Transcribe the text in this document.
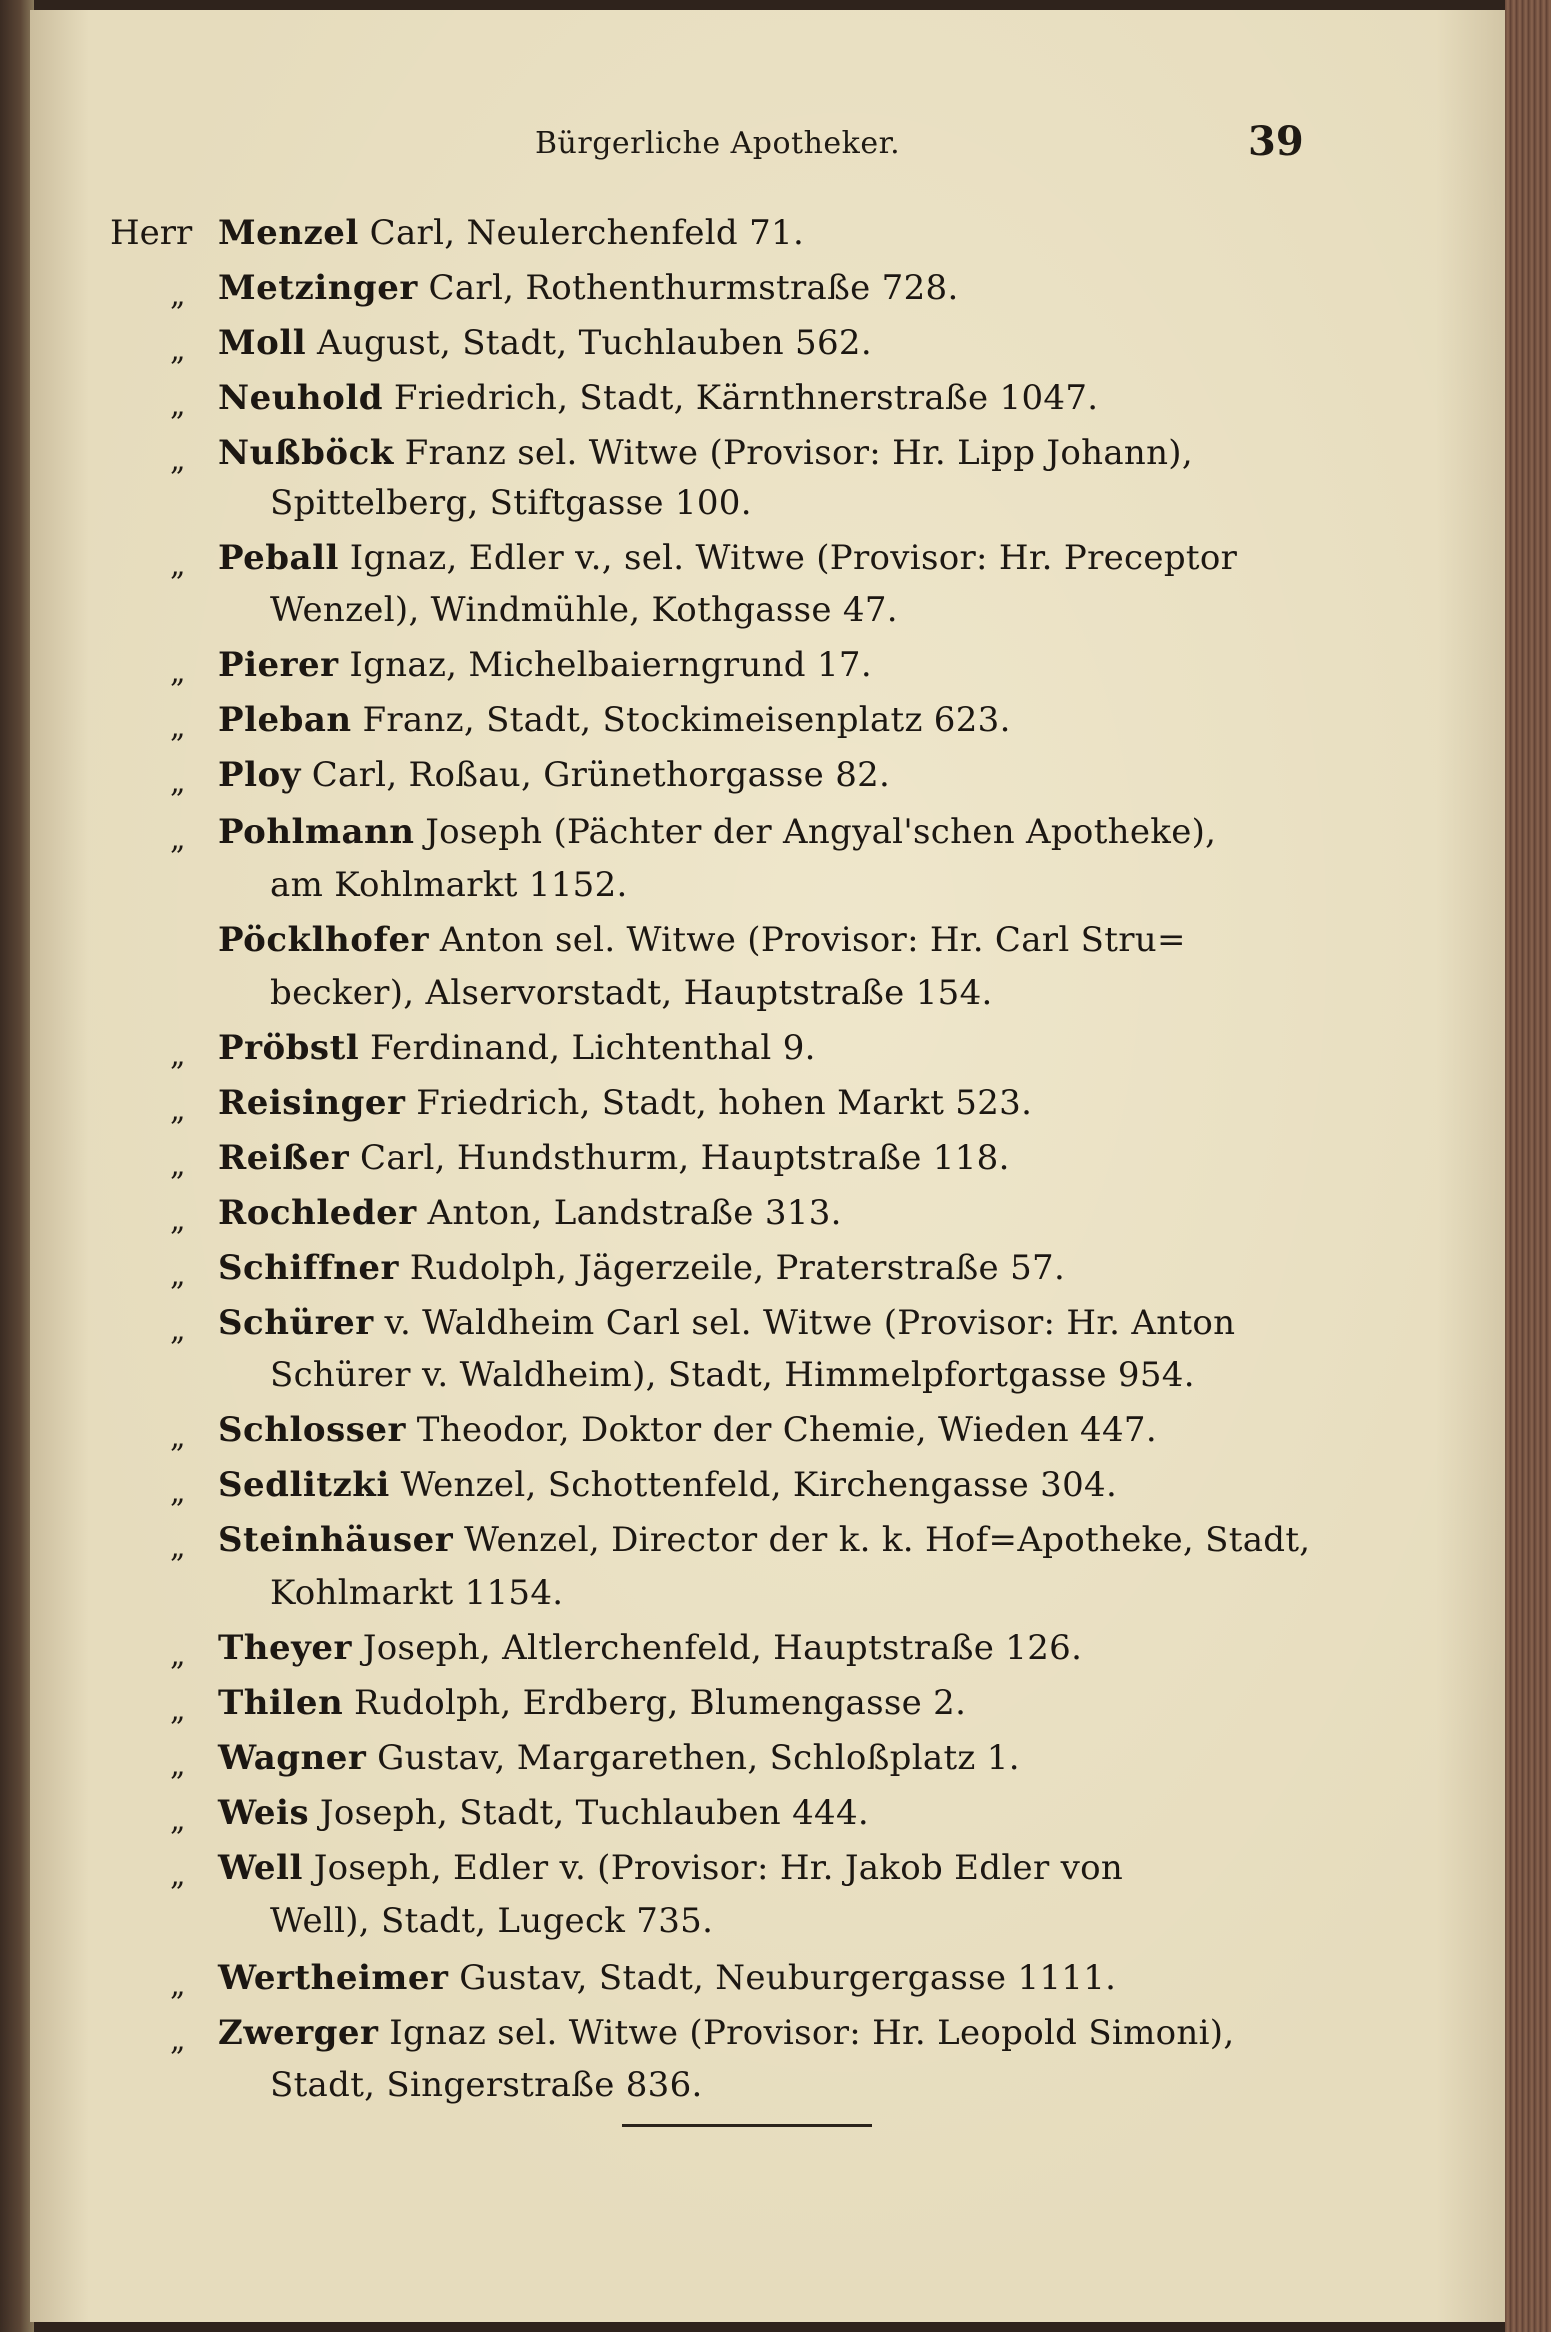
Bürgerliche Apotheker.	39
Herr Menzel Carl, Neulerchenfeld 71.
„ Metzinger Carl, Rothenthurmstraße 728.
„ Moll August, Stadt, Tuchlauben 562.
„ Neuhold Friedrich, Stadt, Kärnthnerstraße 1047.
„ Nußböck Franz sel. Witwe (Provisor: Hr. Lipp Johann),
Spittelberg, Stiftgasse 100.
„ Peball Ignaz, Edler v., sel. Witwe (Provisor: Hr. Preceptor
Wenzel), Windmühle, Kothgasse 47.
„ Pierer Ignaz, Michelbaierngrund 17.
„ Pleban Franz, Stadt, Stockimeisenplatz 623.
„ Ploy Carl, Roßau, Grünethorgasse 82.
„ Pohlmann Joseph (Pächter der Angyal'schen Apotheke),
am Kohlmarkt 1152.
Pöcklhofer Anton sel. Witwe (Provisor: Hr. Carl Stru=
becker), Alservorstadt, Hauptstraße 154.
„ Pröbstl Ferdinand, Lichtenthal 9.
„ Reisinger Friedrich, Stadt, hohen Markt 523.
„ Reißer Carl, Hundsthurm, Hauptstraße 118.
„ Rochleder Anton, Landstraße 313.
„ Schiffner Rudolph, Jägerzeile, Praterstraße 57.
„ Schürer v. Waldheim Carl sel. Witwe (Provisor: Hr. Anton
Schürer v. Waldheim), Stadt, Himmelpfortgasse 954.
„ Schlosser Theodor, Doktor der Chemie, Wieden 447.
„ Sedlitzki Wenzel, Schottenfeld, Kirchengasse 304.
„ Steinhäuser Wenzel, Director der k. k. Hof=Apotheke, Stadt,
Kohlmarkt 1154.
„ Theyer Joseph, Altlerchenfeld, Hauptstraße 126.
„ Thilen Rudolph, Erdberg, Blumengasse 2.
„ Wagner Gustav, Margarethen, Schloßplatz 1.
„ Weis Joseph, Stadt, Tuchlauben 444.
„ Well Joseph, Edler v. (Provisor: Hr. Jakob Edler von
Well), Stadt, Lugeck 735.
„ Wertheimer Gustav, Stadt, Neuburgergasse 1111.
„ Zwerger Ignaz sel. Witwe (Provisor: Hr. Leopold Simoni),
Stadt, Singerstraße 836.
